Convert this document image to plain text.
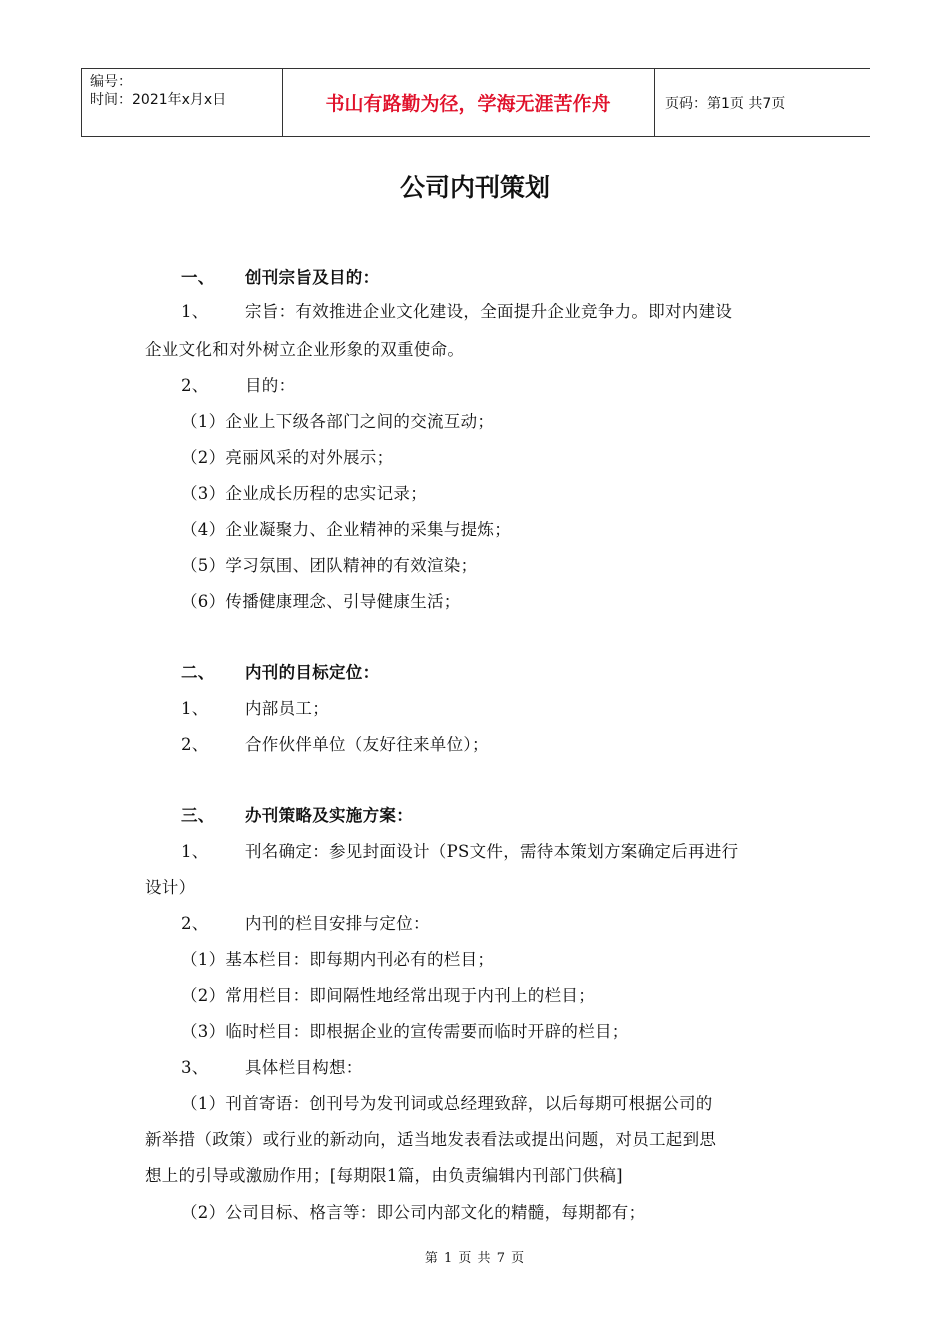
编号：
时间：2021年x月x日	书山有路勤为径，学海无涯苦作舟	页码：第1页 共7页
公司内刊策划
一、 创刊宗旨及目的：
1、 宗旨：有效推进企业文化建设，全面提升企业竞争力。即对内建设
企业文化和对外树立企业形象的双重使命。
2、 目的：
（1）企业上下级各部门之间的交流互动；
（2）亮丽风采的对外展示；
（3）企业成长历程的忠实记录；
（4）企业凝聚力、企业精神的采集与提炼；
（5）学习氛围、团队精神的有效渲染；
（6）传播健康理念、引导健康生活；
二、 内刊的目标定位：
1、 内部员工；
2、 合作伙伴单位（友好往来单位）；
三、 办刊策略及实施方案：
1、 刊名确定：参见封面设计（PS文件，需待本策划方案确定后再进行
设计）
2、 内刊的栏目安排与定位：
（1）基本栏目：即每期内刊必有的栏目；
（2）常用栏目：即间隔性地经常出现于内刊上的栏目；
（3）临时栏目：即根据企业的宣传需要而临时开辟的栏目；
3、 具体栏目构想：
（1）刊首寄语：创刊号为发刊词或总经理致辞，以后每期可根据公司的
新举措（政策）或行业的新动向，适当地发表看法或提出问题，对员工起到思
想上的引导或激励作用；[每期限1篇，由负责编辑内刊部门供稿]
（2）公司目标、格言等：即公司内部文化的精髓，每期都有；
第 1 页 共 7 页
